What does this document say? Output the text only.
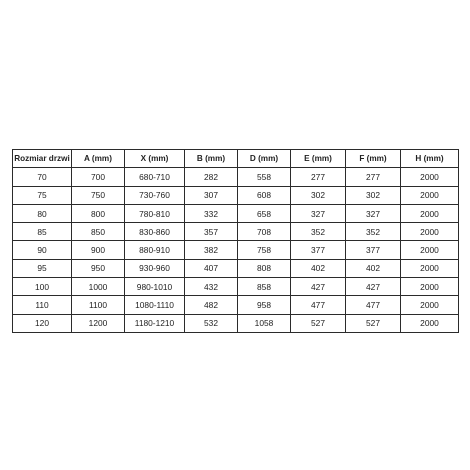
Rozmiar drzwi	A (mm)	X (mm)	B (mm)	D (mm)	E (mm)	F (mm)	H (mm)
70	700	680-710	282	558	277	277	2000
75	750	730-760	307	608	302	302	2000
80	800	780-810	332	658	327	327	2000
85	850	830-860	357	708	352	352	2000
90	900	880-910	382	758	377	377	2000
95	950	930-960	407	808	402	402	2000
100	1000	980-1010	432	858	427	427	2000
110	1100	1080-1110	482	958	477	477	2000
120	1200	1180-1210	532	1058	527	527	2000
